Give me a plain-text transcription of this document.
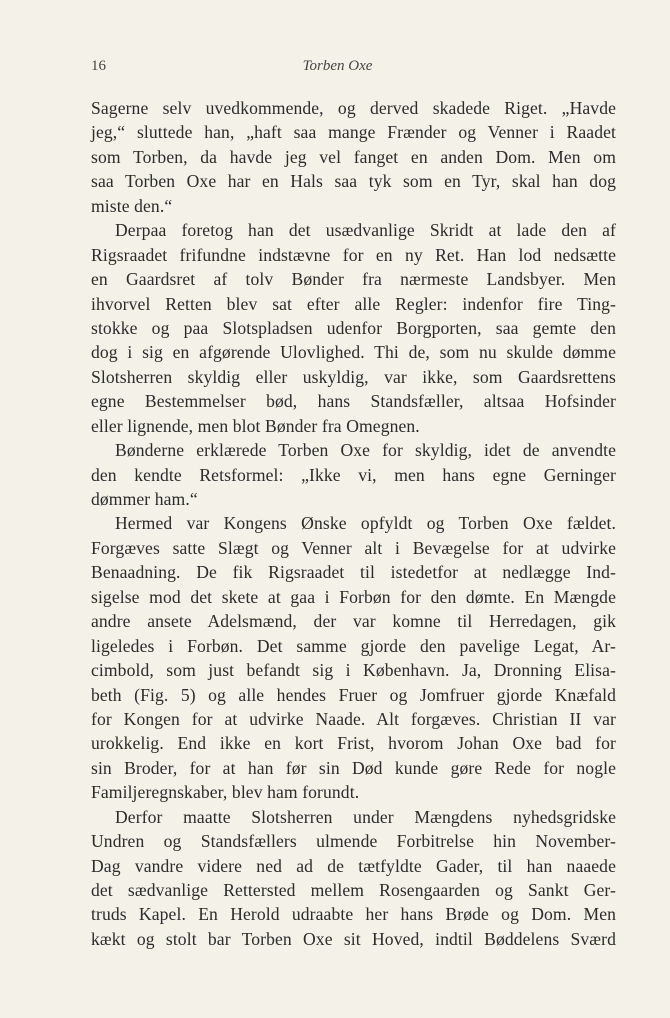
16	Torben Oxe
Sagerne selv uvedkommende, og derved skadede Riget. „Havde
jeg,“ sluttede han, „haft saa mange Frænder og Venner i Raadet
som Torben, da havde jeg vel fanget en anden Dom. Men om
saa Torben Oxe har en Hals saa tyk som en Tyr, skal han dog
miste den.“
Derpaa foretog han det usædvanlige Skridt at lade den af
Rigsraadet frifundne indstævne for en ny Ret. Han lod nedsætte
en Gaardsret af tolv Bønder fra nærmeste Landsbyer. Men
ihvorvel Retten blev sat efter alle Regler: indenfor fire Ting-
stokke og paa Slotspladsen udenfor Borgporten, saa gemte den
dog i sig en afgørende Ulovlighed. Thi de, som nu skulde dømme
Slotsherren skyldig eller uskyldig, var ikke, som Gaardsrettens
egne Bestemmelser bød, hans Standsfæller, altsaa Hofsinder
eller lignende, men blot Bønder fra Omegnen.
Bønderne erklærede Torben Oxe for skyldig, idet de anvendte
den kendte Retsformel: „Ikke vi, men hans egne Gerninger
dømmer ham.“
Hermed var Kongens Ønske opfyldt og Torben Oxe fældet.
Forgæves satte Slægt og Venner alt i Bevægelse for at udvirke
Benaadning. De fik Rigsraadet til istedetfor at nedlægge Ind-
sigelse mod det skete at gaa i Forbøn for den dømte. En Mængde
andre ansete Adelsmænd, der var komne til Herredagen, gik
ligeledes i Forbøn. Det samme gjorde den pavelige Legat, Ar-
cimbold, som just befandt sig i København. Ja, Dronning Elisa-
beth (Fig. 5) og alle hendes Fruer og Jomfruer gjorde Knæfald
for Kongen for at udvirke Naade. Alt forgæves. Christian II var
urokkelig. End ikke en kort Frist, hvorom Johan Oxe bad for
sin Broder, for at han før sin Død kunde gøre Rede for nogle
Familjeregnskaber, blev ham forundt.
Derfor maatte Slotsherren under Mængdens nyhedsgridske
Undren og Standsfællers ulmende Forbitrelse hin November-
Dag vandre videre ned ad de tætfyldte Gader, til han naaede
det sædvanlige Rettersted mellem Rosengaarden og Sankt Ger-
truds Kapel. En Herold udraabte her hans Brøde og Dom. Men
kækt og stolt bar Torben Oxe sit Hoved, indtil Bøddelens Sværd
